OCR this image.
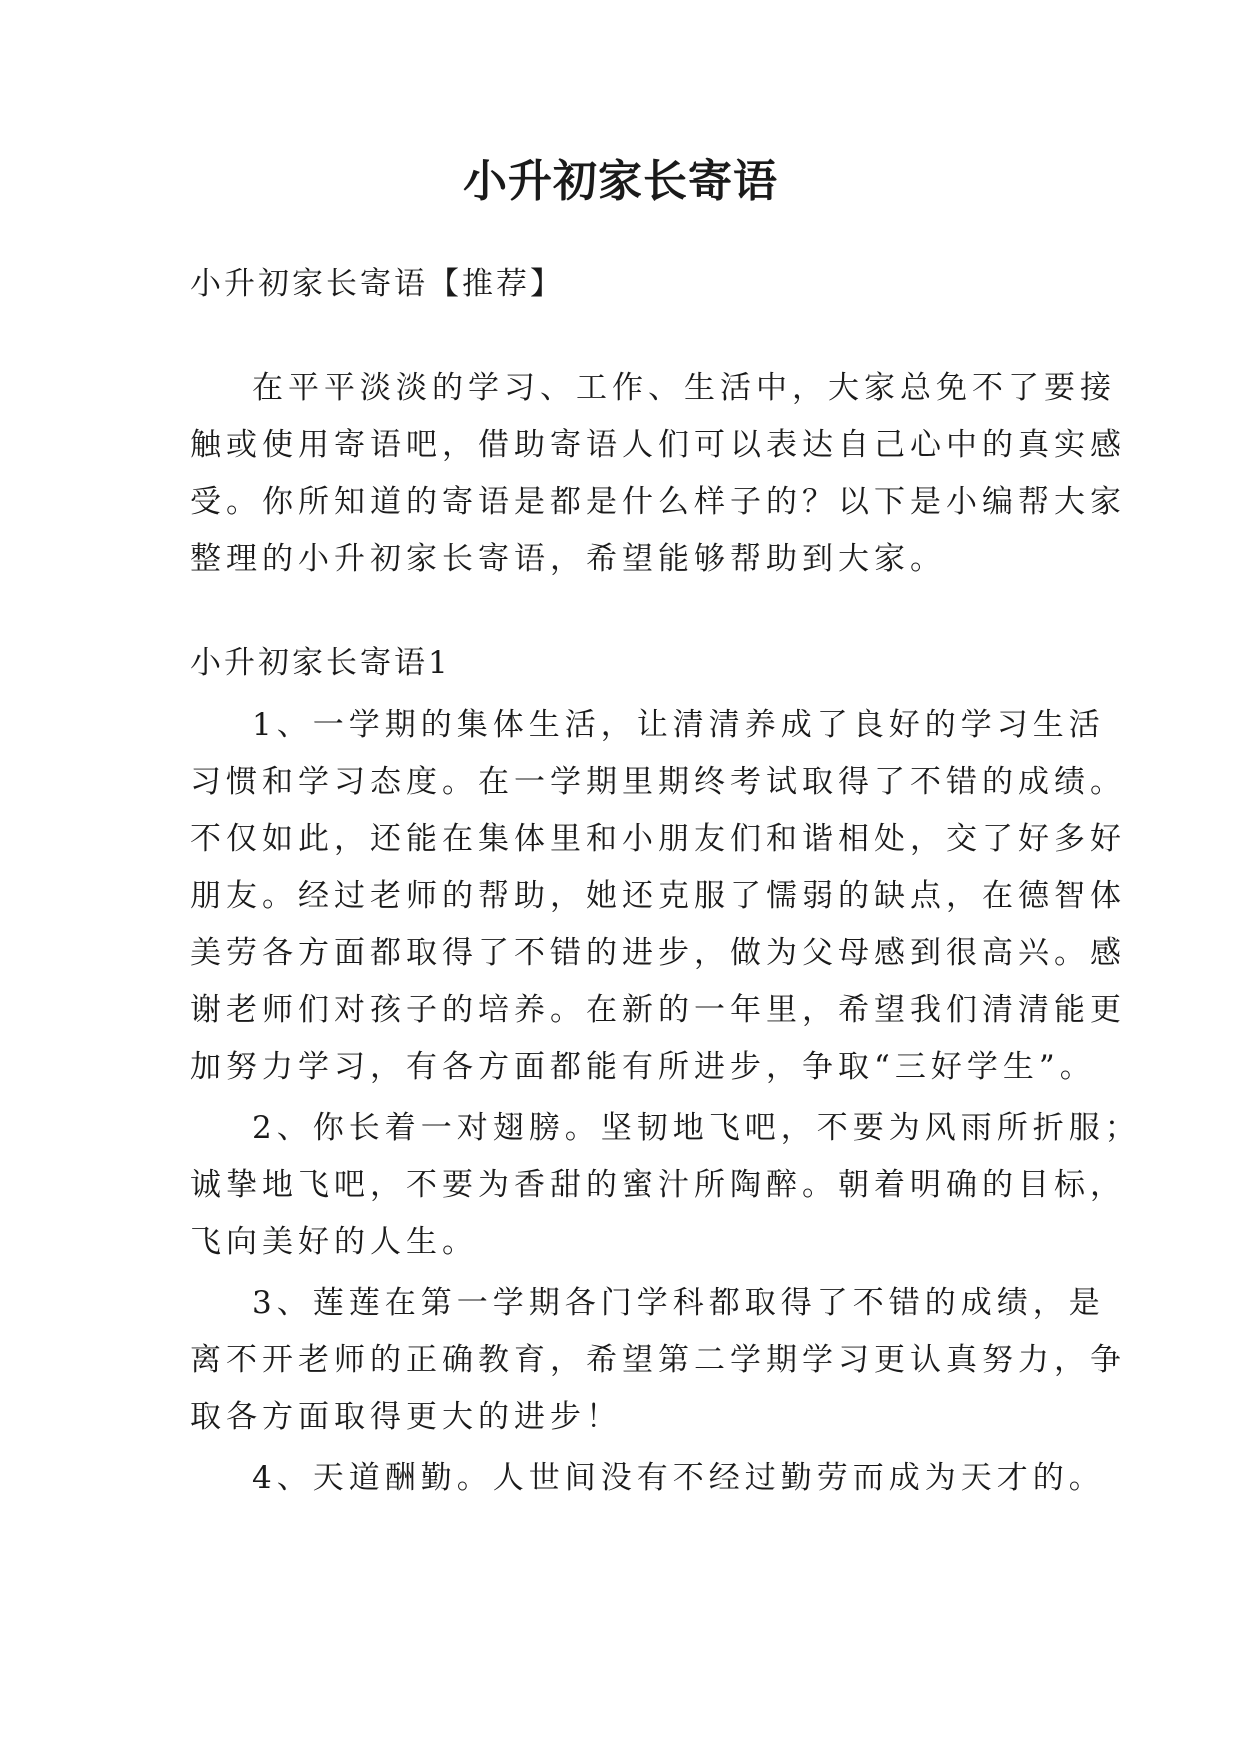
小升初家长寄语

小升初家长寄语【推荐】

在平平淡淡的学习、工作、生活中，大家总免不了要接

触或使用寄语吧，借助寄语人们可以表达自己心中的真实感

受。你所知道的寄语是都是什么样子的？以下是小编帮大家

整理的小升初家长寄语，希望能够帮助到大家。

小升初家长寄语1

1、一学期的集体生活，让清清养成了良好的学习生活

习惯和学习态度。在一学期里期终考试取得了不错的成绩。

不仅如此，还能在集体里和小朋友们和谐相处，交了好多好

朋友。经过老师的帮助，她还克服了懦弱的缺点，在德智体

美劳各方面都取得了不错的进步，做为父母感到很高兴。感

谢老师们对孩子的培养。在新的一年里，希望我们清清能更

加努力学习，有各方面都能有所进步，争取“三好学生”。

2、你长着一对翅膀。坚韧地飞吧，不要为风雨所折服；

诚挚地飞吧，不要为香甜的蜜汁所陶醉。朝着明确的目标，

飞向美好的人生。

3、莲莲在第一学期各门学科都取得了不错的成绩，是

离不开老师的正确教育，希望第二学期学习更认真努力，争

取各方面取得更大的进步！

4、天道酬勤。人世间没有不经过勤劳而成为天才的。
